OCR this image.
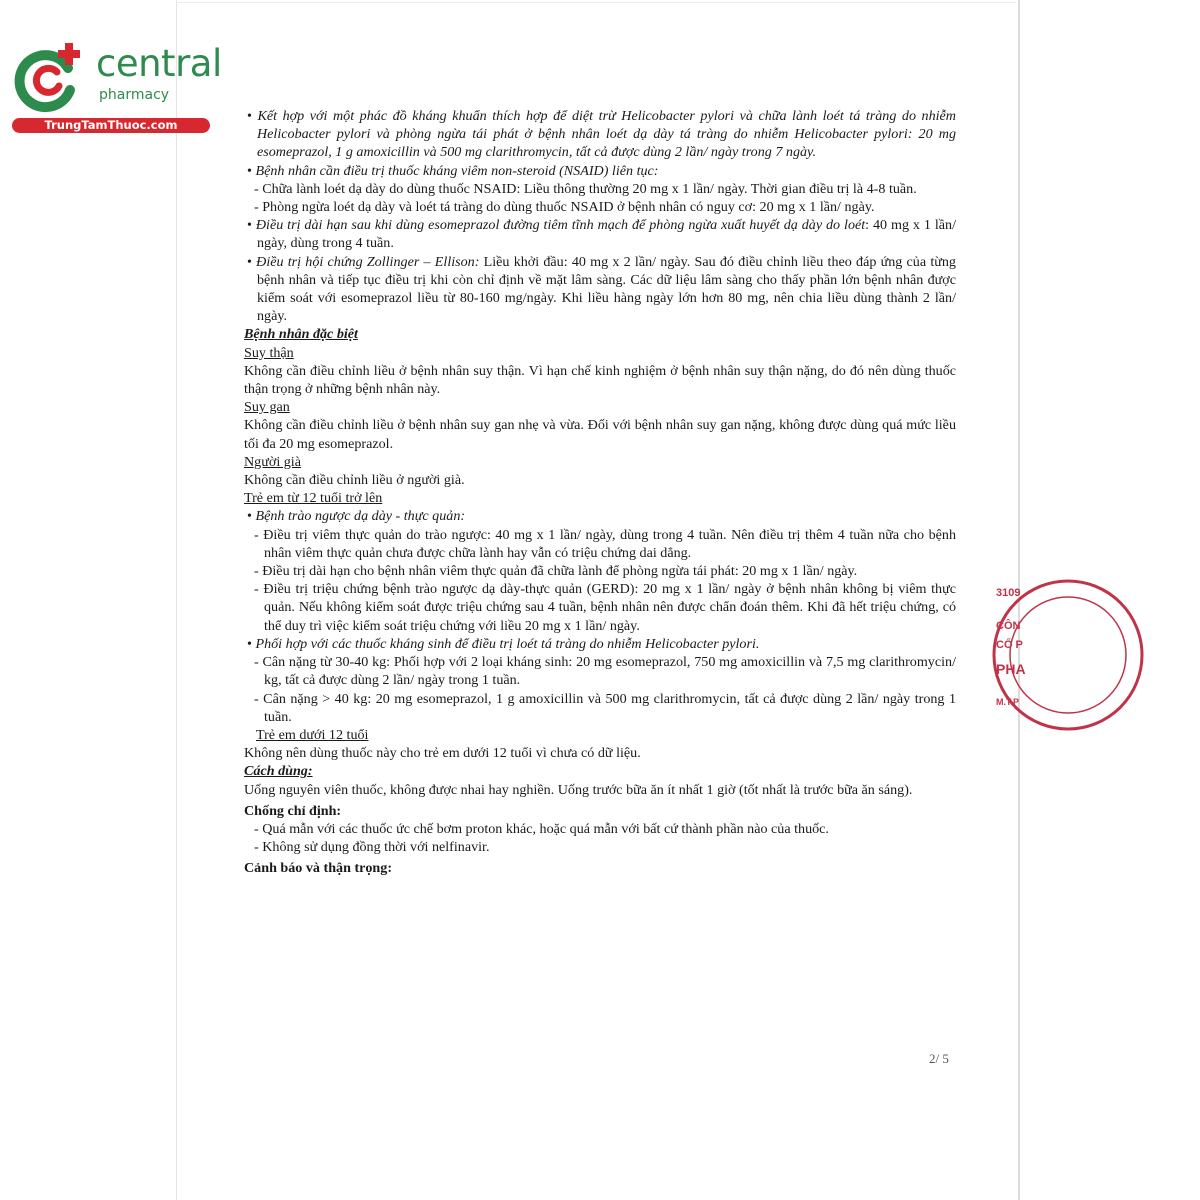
central
pharmacy
TrungTamThuoc.com

• Kết hợp với một phác đồ kháng khuẩn thích hợp để diệt trừ Helicobacter pylori và chữa lành loét tá tràng do nhiễm Helicobacter pylori và phòng ngừa tái phát ở bệnh nhân loét dạ dày tá tràng do nhiễm Helicobacter pylori: 20 mg esomeprazol, 1 g amoxicillin và 500 mg clarithromycin, tất cả được dùng 2 lần/ ngày trong 7 ngày.

• Bệnh nhân cần điều trị thuốc kháng viêm non-steroid (NSAID) liên tục:

- Chữa lành loét dạ dày do dùng thuốc NSAID: Liều thông thường 20 mg x 1 lần/ ngày. Thời gian điều trị là 4-8 tuần.

- Phòng ngừa loét dạ dày và loét tá tràng do dùng thuốc NSAID ở bệnh nhân có nguy cơ: 20 mg x 1 lần/ ngày.

• Điều trị dài hạn sau khi dùng esomeprazol đường tiêm tĩnh mạch để phòng ngừa xuất huyết dạ dày do loét: 40 mg x 1 lần/ ngày, dùng trong 4 tuần.

• Điều trị hội chứng Zollinger – Ellison: Liều khởi đầu: 40 mg x 2 lần/ ngày. Sau đó điều chỉnh liều theo đáp ứng của từng bệnh nhân và tiếp tục điều trị khi còn chỉ định về mặt lâm sàng. Các dữ liệu lâm sàng cho thấy phần lớn bệnh nhân được kiểm soát với esomeprazol liều từ 80-160 mg/ngày. Khi liều hàng ngày lớn hơn 80 mg, nên chia liều dùng thành 2 lần/ ngày.

Bệnh nhân đặc biệt

Suy thận

Không cần điều chỉnh liều ở bệnh nhân suy thận. Vì hạn chế kinh nghiệm ở bệnh nhân suy thận nặng, do đó nên dùng thuốc thận trọng ở những bệnh nhân này.

Suy gan

Không cần điều chỉnh liều ở bệnh nhân suy gan nhẹ và vừa. Đối với bệnh nhân suy gan nặng, không được dùng quá mức liều tối đa 20 mg esomeprazol.

Người già

Không cần điều chỉnh liều ở người già.

Trẻ em từ 12 tuổi trở lên

• Bệnh trào ngược dạ dày - thực quản:

- Điều trị viêm thực quản do trào ngược: 40 mg x 1 lần/ ngày, dùng trong 4 tuần. Nên điều trị thêm 4 tuần nữa cho bệnh nhân viêm thực quản chưa được chữa lành hay vẫn có triệu chứng dai dẳng.

- Điều trị dài hạn cho bệnh nhân viêm thực quản đã chữa lành để phòng ngừa tái phát: 20 mg x 1 lần/ ngày.

- Điều trị triệu chứng bệnh trào ngược dạ dày-thực quản (GERD): 20 mg x 1 lần/ ngày ở bệnh nhân không bị viêm thực quản. Nếu không kiểm soát được triệu chứng sau 4 tuần, bệnh nhân nên được chẩn đoán thêm. Khi đã hết triệu chứng, có thể duy trì việc kiểm soát triệu chứng với liều 20 mg x 1 lần/ ngày.

• Phối hợp với các thuốc kháng sinh để điều trị loét tá tràng do nhiễm Helicobacter pylori.

- Cân nặng từ 30-40 kg: Phối hợp với 2 loại kháng sinh: 20 mg esomeprazol, 750 mg amoxicillin và 7,5 mg clarithromycin/ kg, tất cả được dùng 2 lần/ ngày trong 1 tuần.

- Cân nặng > 40 kg: 20 mg esomeprazol, 1 g amoxicillin và 500 mg clarithromycin, tất cả được dùng 2 lần/ ngày trong 1 tuần.

Trẻ em dưới 12 tuổi

Không nên dùng thuốc này cho trẻ em dưới 12 tuổi vì chưa có dữ liệu.

Cách dùng:

Uống nguyên viên thuốc, không được nhai hay nghiền. Uống trước bữa ăn ít nhất 1 giờ (tốt nhất là trước bữa ăn sáng).

Chống chỉ định:

- Quá mẫn với các thuốc ức chế bơm proton khác, hoặc quá mẫn với bất cứ thành phần nào của thuốc.

- Không sử dụng đồng thời với nelfinavir.

Cảnh báo và thận trọng:

2/ 5
3109
CÔN
CỔ P
PHA
M.T.P
